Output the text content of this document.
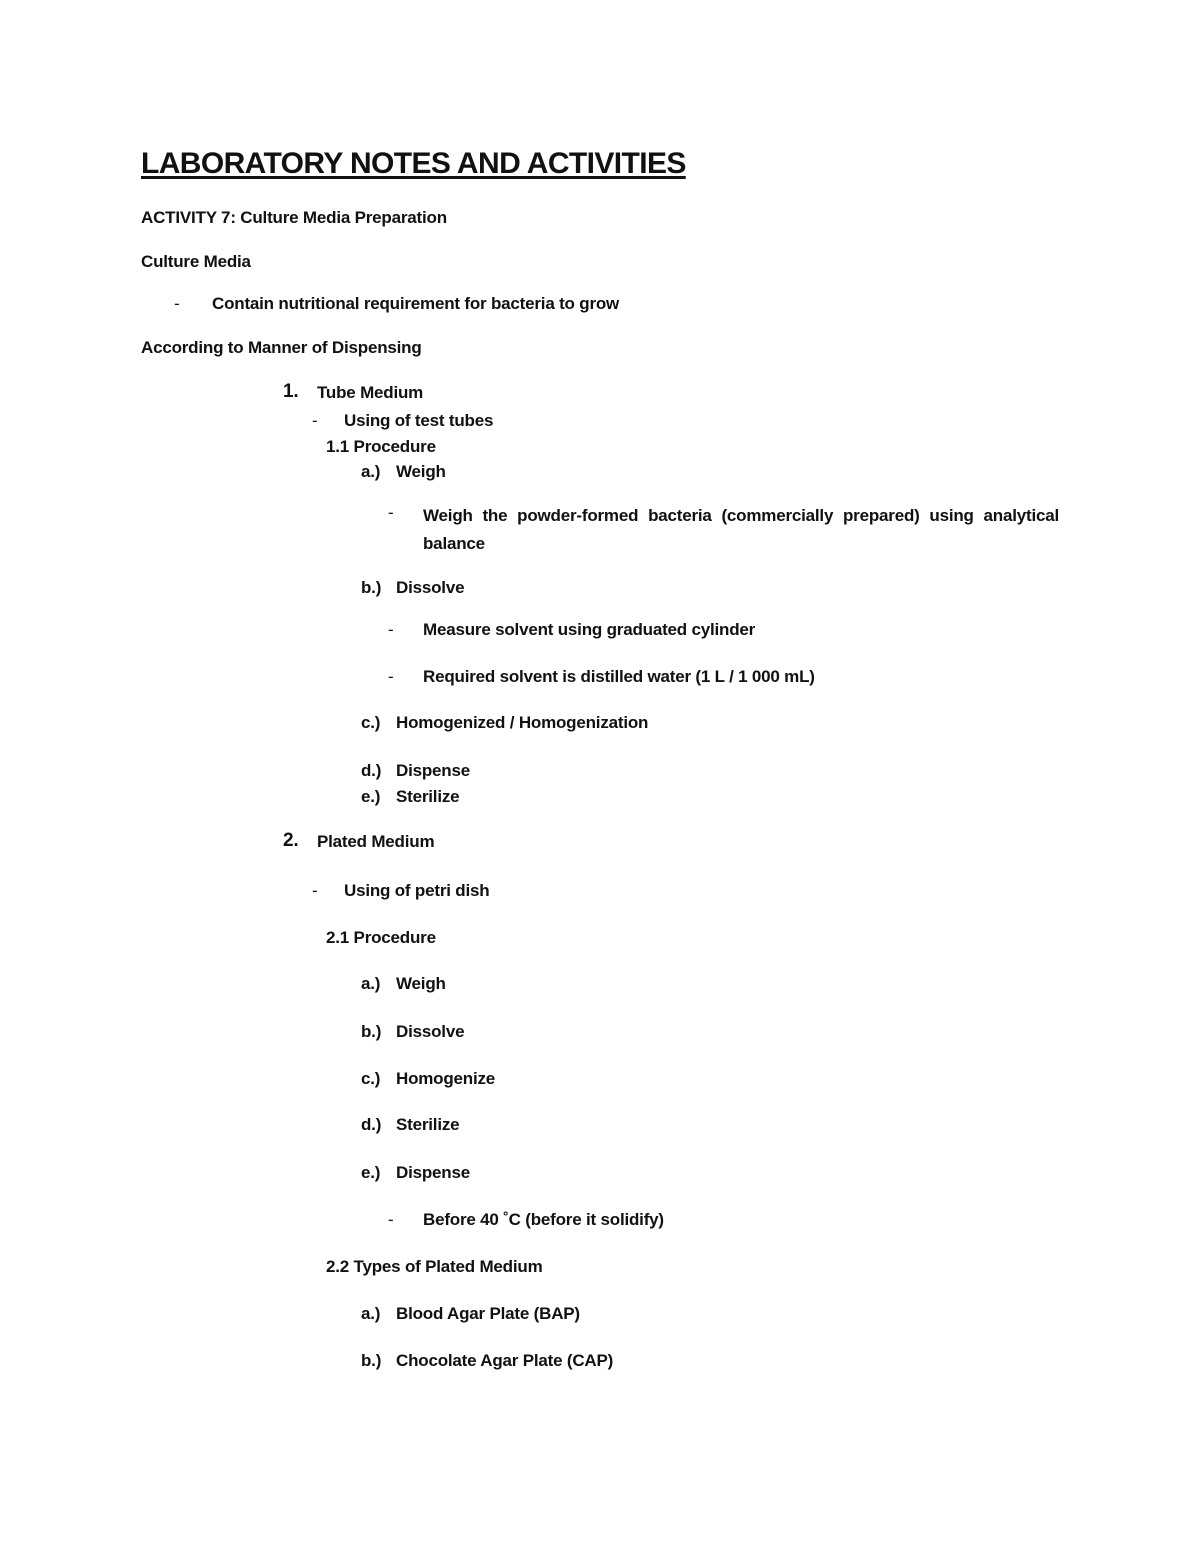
LABORATORY NOTES AND ACTIVITIES
ACTIVITY 7: Culture Media Preparation
Culture Media
- Contain nutritional requirement for bacteria to grow
According to Manner of Dispensing
1. Tube Medium
- Using of test tubes
1.1 Procedure
a.) Weigh
- Weigh the powder-formed bacteria (commercially prepared) using analytical balance
b.) Dissolve
- Measure solvent using graduated cylinder
- Required solvent is distilled water (1 L / 1 000 mL)
c.) Homogenized / Homogenization
d.) Dispense
e.) Sterilize
2. Plated Medium
- Using of petri dish
2.1 Procedure
a.) Weigh
b.) Dissolve
c.) Homogenize
d.) Sterilize
e.) Dispense
- Before 40 ˚C (before it solidify)
2.2 Types of Plated Medium
a.) Blood Agar Plate (BAP)
b.) Chocolate Agar Plate (CAP)
